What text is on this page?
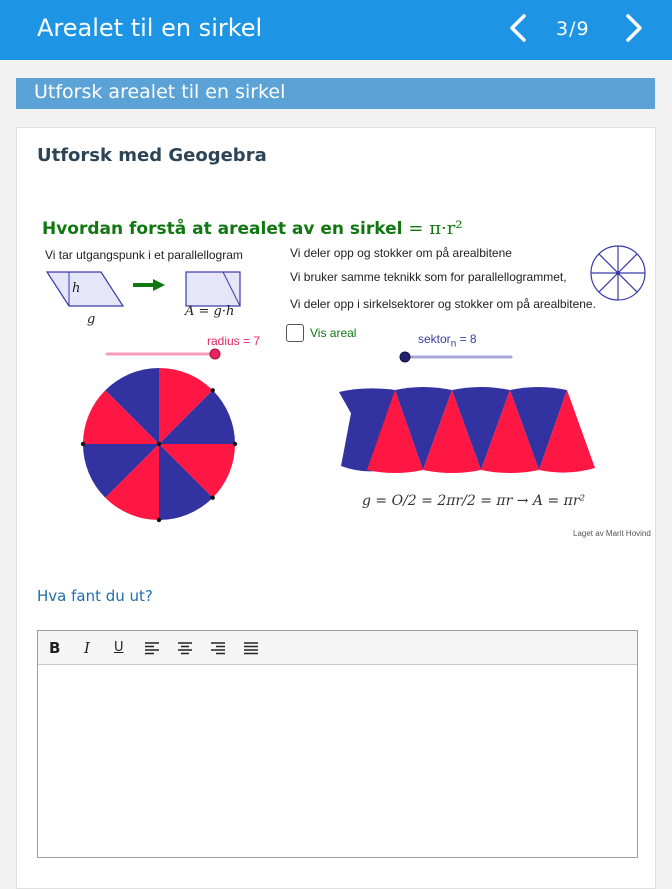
Arealet til en sirkel	3/9
Utforsk arealet til en sirkel
Utforsk med Geogebra
Hvordan forstå at arealet av en sirkel = π·r²
Vi tar utgangspunk i et parallellogram
h
g
A = g·h
Vi deler opp og stokker om på arealbitene
Vi bruker samme teknikk som for parallellogrammet,
Vi deler opp i sirkelsektorer og stokker om på arealbitene.
Vis areal
radius = 7	sektor$_n$ = 8
g = O/2 = 2πr/2 = πr → A = πr²
Laget av Marit Hovind
Hva fant du ut?
B I U
